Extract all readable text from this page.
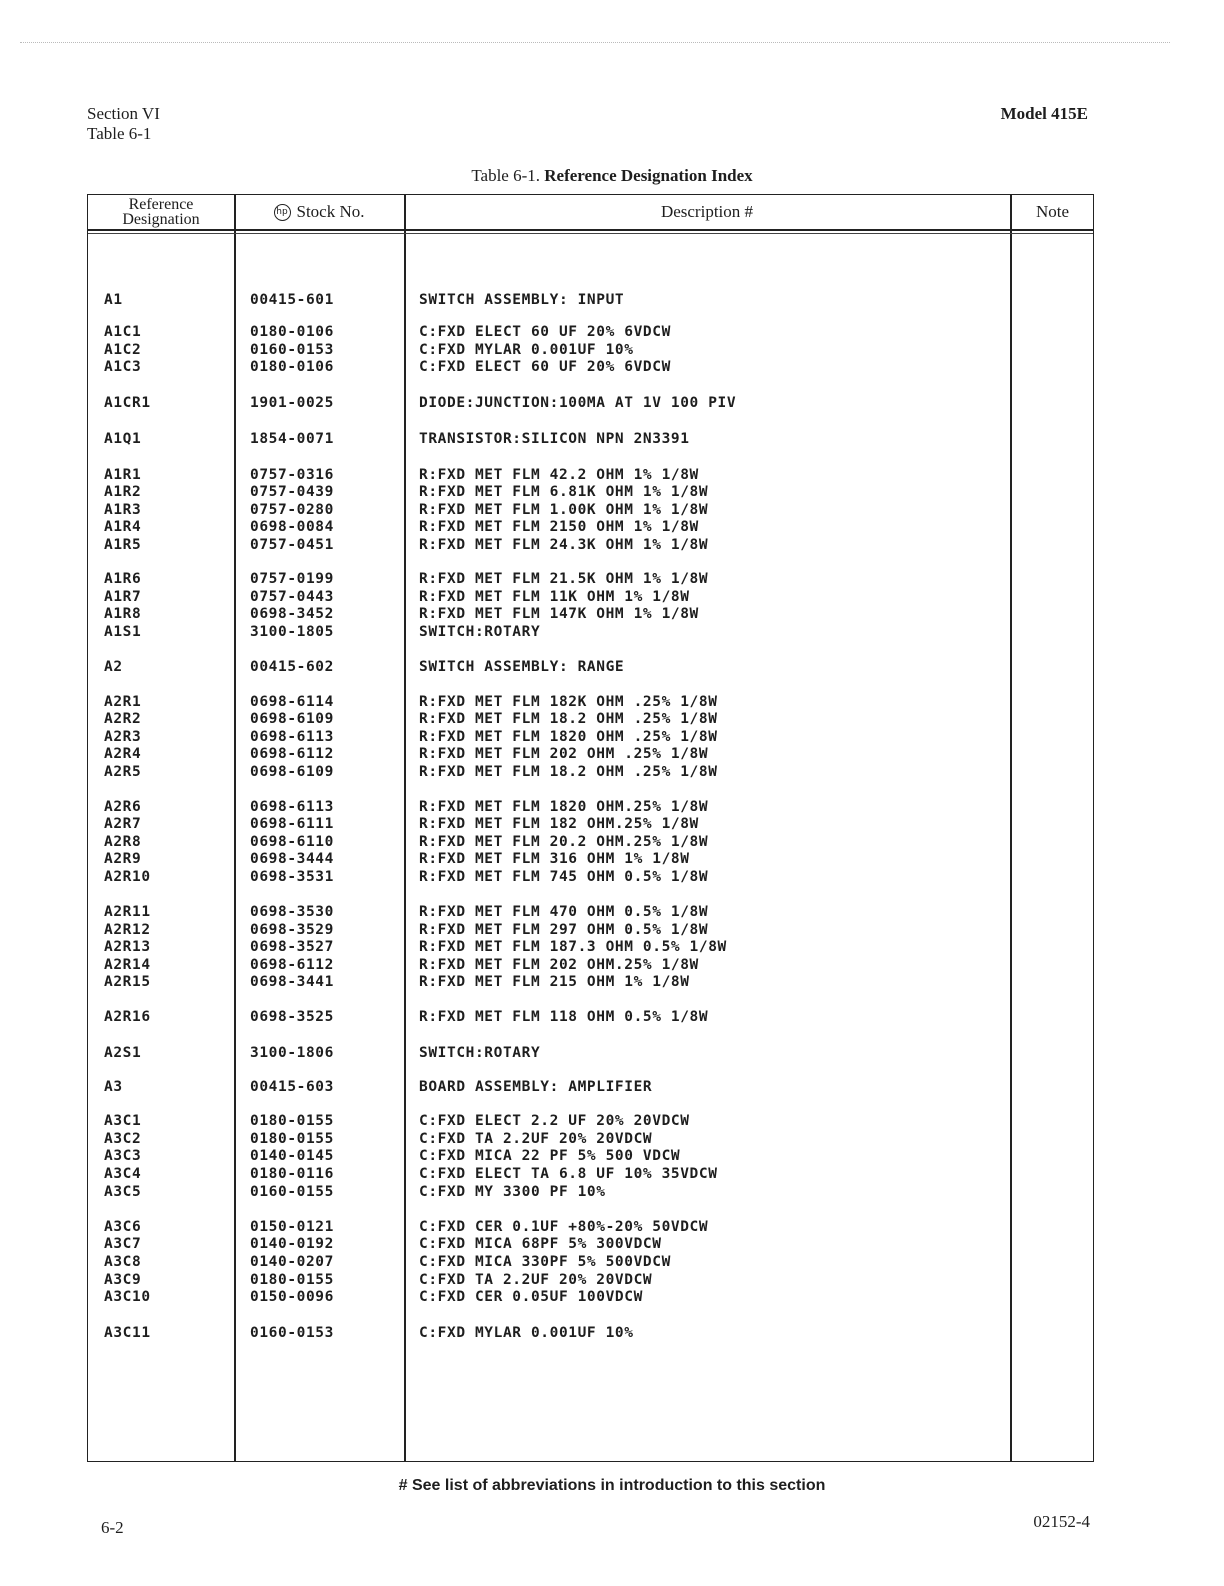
Section VI
Table 6-1
Model 415E
Table 6-1. Reference Designation Index
Reference
Designation	hp Stock No.	Description #	Note
A1	00415-601	SWITCH ASSEMBLY: INPUT
A1C1	0180-0106	C:FXD ELECT 60 UF 20% 6VDCW
A1C2	0160-0153	C:FXD MYLAR 0.001UF 10%
A1C3	0180-0106	C:FXD ELECT 60 UF 20% 6VDCW
A1CR1	1901-0025	DIODE:JUNCTION:100MA AT 1V 100 PIV
A1Q1	1854-0071	TRANSISTOR:SILICON NPN 2N3391
A1R1	0757-0316	R:FXD MET FLM 42.2 OHM 1% 1/8W
A1R2	0757-0439	R:FXD MET FLM 6.81K OHM 1% 1/8W
A1R3	0757-0280	R:FXD MET FLM 1.00K OHM 1% 1/8W
A1R4	0698-0084	R:FXD MET FLM 2150 OHM 1% 1/8W
A1R5	0757-0451	R:FXD MET FLM 24.3K OHM 1% 1/8W
A1R6	0757-0199	R:FXD MET FLM 21.5K OHM 1% 1/8W
A1R7	0757-0443	R:FXD MET FLM 11K OHM 1% 1/8W
A1R8	0698-3452	R:FXD MET FLM 147K OHM 1% 1/8W
A1S1	3100-1805	SWITCH:ROTARY
A2	00415-602	SWITCH ASSEMBLY: RANGE
A2R1	0698-6114	R:FXD MET FLM 182K OHM .25% 1/8W
A2R2	0698-6109	R:FXD MET FLM 18.2 OHM .25% 1/8W
A2R3	0698-6113	R:FXD MET FLM 1820 OHM .25% 1/8W
A2R4	0698-6112	R:FXD MET FLM 202 OHM .25% 1/8W
A2R5	0698-6109	R:FXD MET FLM 18.2 OHM .25% 1/8W
A2R6	0698-6113	R:FXD MET FLM 1820 OHM.25% 1/8W
A2R7	0698-6111	R:FXD MET FLM 182 OHM.25% 1/8W
A2R8	0698-6110	R:FXD MET FLM 20.2 OHM.25% 1/8W
A2R9	0698-3444	R:FXD MET FLM 316 OHM 1% 1/8W
A2R10	0698-3531	R:FXD MET FLM 745 OHM 0.5% 1/8W
A2R11	0698-3530	R:FXD MET FLM 470 OHM 0.5% 1/8W
A2R12	0698-3529	R:FXD MET FLM 297 OHM 0.5% 1/8W
A2R13	0698-3527	R:FXD MET FLM 187.3 OHM 0.5% 1/8W
A2R14	0698-6112	R:FXD MET FLM 202 OHM.25% 1/8W
A2R15	0698-3441	R:FXD MET FLM 215 OHM 1% 1/8W
A2R16	0698-3525	R:FXD MET FLM 118 OHM 0.5% 1/8W
A2S1	3100-1806	SWITCH:ROTARY
A3	00415-603	BOARD ASSEMBLY: AMPLIFIER
A3C1	0180-0155	C:FXD ELECT 2.2 UF 20% 20VDCW
A3C2	0180-0155	C:FXD TA 2.2UF 20% 20VDCW
A3C3	0140-0145	C:FXD MICA 22 PF 5% 500 VDCW
A3C4	0180-0116	C:FXD ELECT TA 6.8 UF 10% 35VDCW
A3C5	0160-0155	C:FXD MY 3300 PF 10%
A3C6	0150-0121	C:FXD CER 0.1UF +80%-20% 50VDCW
A3C7	0140-0192	C:FXD MICA 68PF 5% 300VDCW
A3C8	0140-0207	C:FXD MICA 330PF 5% 500VDCW
A3C9	0180-0155	C:FXD TA 2.2UF 20% 20VDCW
A3C10	0150-0096	C:FXD CER 0.05UF 100VDCW
A3C11	0160-0153	C:FXD MYLAR 0.001UF 10%
# See list of abbreviations in introduction to this section
6-2	02152-4
